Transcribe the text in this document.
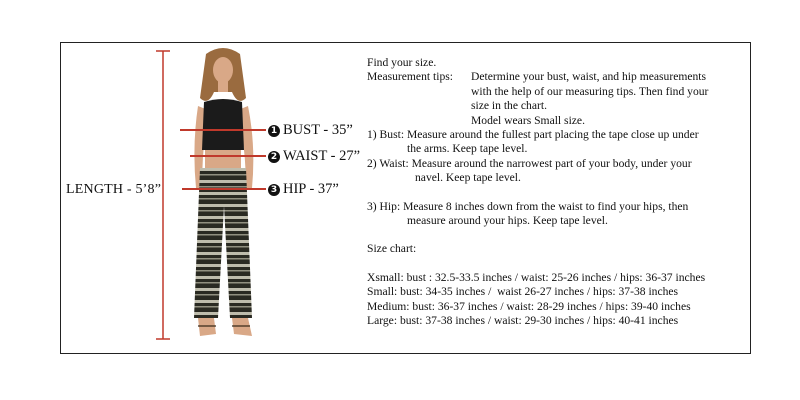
LENGTH - 5’8”
1 BUST - 35”
2 WAIST - 27”
3 HIP - 37”

Find your size.

Measurement tips:	Determine your bust, waist, and hip measurements

with the help of our measuring tips. Then find your

size in the chart.

Model wears Small size.

1) Bust: Measure around the fullest part placing the tape close up under

the arms. Keep tape level.

2) Waist: Measure around the narrowest part of your body, under your

navel. Keep tape level.

3) Hip: Measure 8 inches down from the waist to find your hips, then

measure around your hips. Keep tape level.

Size chart:

Xsmall: bust : 32.5-33.5 inches / waist: 25-26 inches / hips: 36-37 inches

Small: bust: 34-35 inches /  waist 26-27 inches / hips: 37-38 inches

Medium: bust: 36-37 inches / waist: 28-29 inches / hips: 39-40 inches

Large: bust: 37-38 inches / waist: 29-30 inches / hips: 40-41 inches
